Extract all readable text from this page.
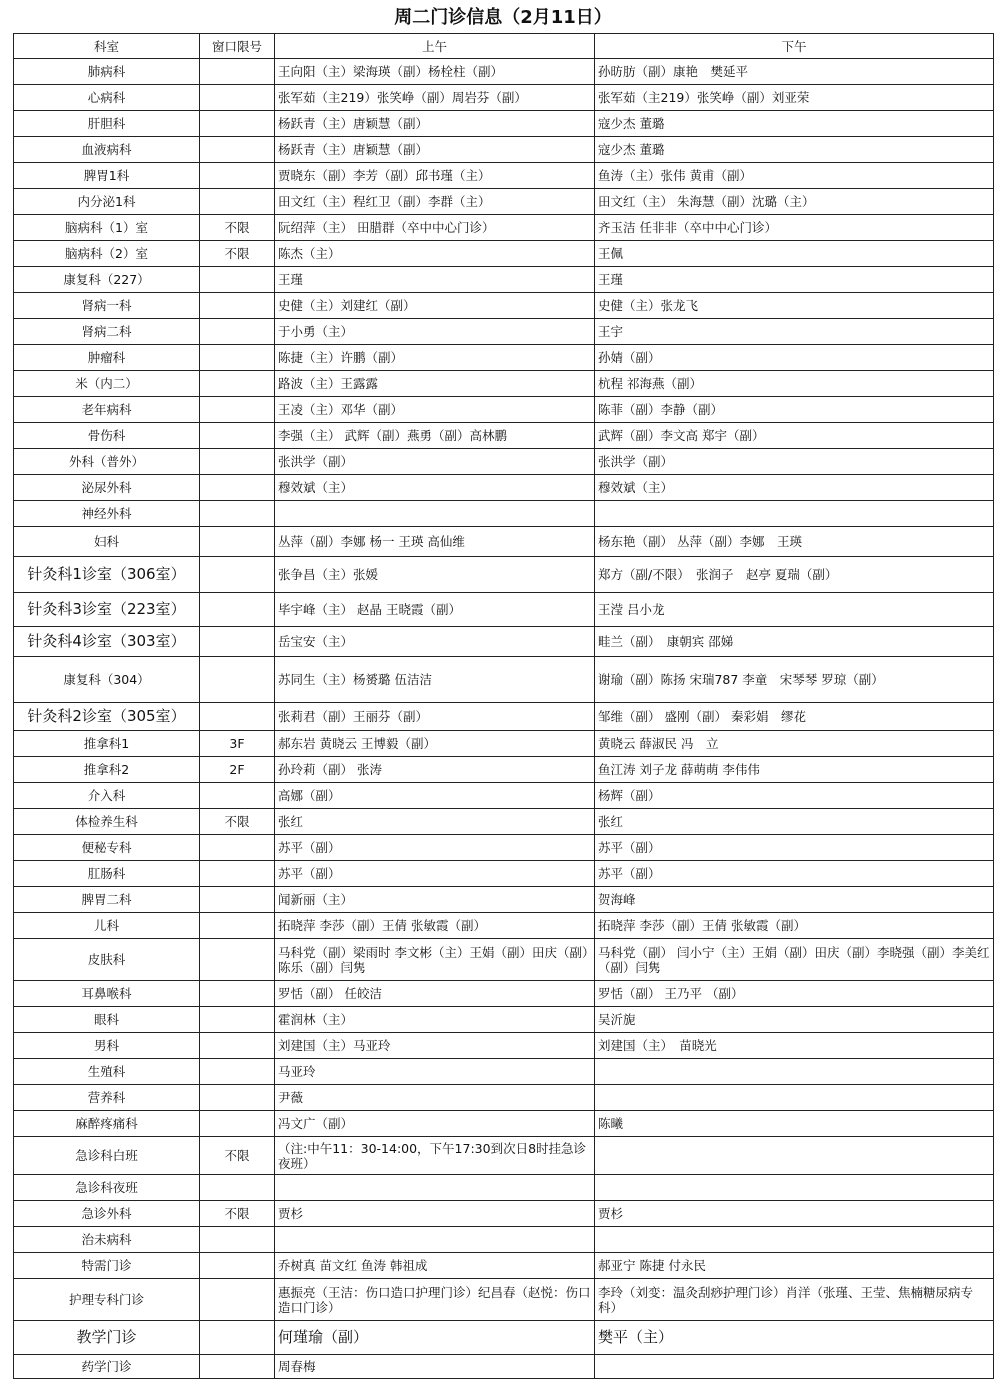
周二门诊信息（2月11日）
科室	窗口限号	上午	下午
肺病科		王向阳（主）梁海瑛（副）杨栓柱（副）	孙昉肪（副）康艳　樊延平
心病科		张军茹（主219）张笑峥（副）周岩芬（副）	张军茹（主219）张笑峥（副）刘亚荣
肝胆科		杨跃青（主）唐颖慧（副）	寇少杰 董璐
血液病科		杨跃青（主）唐颖慧（副）	寇少杰 董璐
脾胃1科		贾晓东（副）李芳（副）邱书瑾（主）	鱼涛（主）张伟 黄甫（副）
内分泌1科		田文红（主）程红卫（副）李群（主）	田文红（主） 朱海慧（副）沈璐（主）
脑病科（1）室	不限	阮绍萍（主） 田腊群（卒中中心门诊）	齐玉洁 任非非（卒中中心门诊）
脑病科（2）室	不限	陈杰（主）	王佩
康复科（227）		王瑾	王瑾
肾病一科		史健（主）刘建红（副）	史健（主）张龙飞
肾病二科		于小勇（主）	王宇
肿瘤科		陈捷（主）许鹏（副）	孙婧（副）
米（内二）		路波（主）王露露	杭程 祁海燕（副）
老年病科		王凌（主）邓华（副）	陈菲（副）李静（副）
骨伤科		李强（主） 武辉（副）燕勇（副）高林鹏	武辉（副）李文高 郑宇（副）
外科（普外）		张洪学（副）	张洪学（副）
泌尿外科		穆效斌（主）	穆效斌（主）
神经外科			
妇科		丛萍（副）李娜 杨一 王瑛 高仙维	杨东艳（副） 丛萍（副）李娜　王瑛
针灸科1诊室（306室）		张争昌（主）张媛	郑方（副/不限）　张润子　赵亭 夏瑞（副）
针灸科3诊室（223室）		毕宇峰（主） 赵晶 王晓霞（副）	王滢 吕小龙
针灸科4诊室（303室）		岳宝安（主）	畦兰（副）　康朝宾 邵娣
康复科（304）		苏同生（主）杨赟璐 伍洁洁	谢瑜（副）陈扬 宋瑞787 李童　宋琴琴 罗琼（副）
针灸科2诊室（305室）		张莉君（副）王丽芬（副）	邹维（副） 盛刚（副） 秦彩娟　缪花
推拿科1	3F	郝东岩 黄晓云 王博毅（副）	黄晓云 薛淑民 冯　立
推拿科2	2F	孙玲莉（副） 张涛	鱼江涛 刘子龙 薛萌萌 李伟伟
介入科		高娜（副）	杨辉（副）
体检养生科	不限	张红	张红
便秘专科		苏平（副）	苏平（副）
肛肠科		苏平（副）	苏平（副）
脾胃二科		闻新丽（主）	贺海峰
儿科		拓晓萍 李莎（副）王倩 张敏霞（副）	拓晓萍 李莎（副）王倩 张敏霞（副）
皮肤科		马科党（副）梁雨时 李文彬（主）王娟（副）田庆（副）陈乐（副）闫隽	马科党（副） 闫小宁（主）王娟（副）田庆（副）李晓强（副）李美红（副）闫隽
耳鼻喉科		罗恬（副） 任皎洁	罗恬（副） 王乃平 （副）
眼科		霍润林（主）	吴沂旎
男科		刘建国（主）马亚玲	刘建国（主）　苗晓光
生殖科		马亚玲	
营养科		尹薇	
麻醉疼痛科		冯文广（副）	陈曦
急诊科白班	不限	（注:中午11：30-14:00，下午17:30到次日8时挂急诊夜班）	
急诊科夜班			
急诊外科	不限	贾杉	贾杉
治未病科			
特需门诊		乔树真 苗文红 鱼涛 韩祖成	郝亚宁 陈捷 付永民
护理专科门诊		惠振亮（王洁：伤口造口护理门诊）纪昌春（赵悦：伤口造口门诊）	李玲（刘变：温灸刮痧护理门诊）肖洋（张瑾、王莹、焦楠糖尿病专科）
教学门诊		何瑾瑜（副）	樊平（主）
药学门诊		周春梅	
